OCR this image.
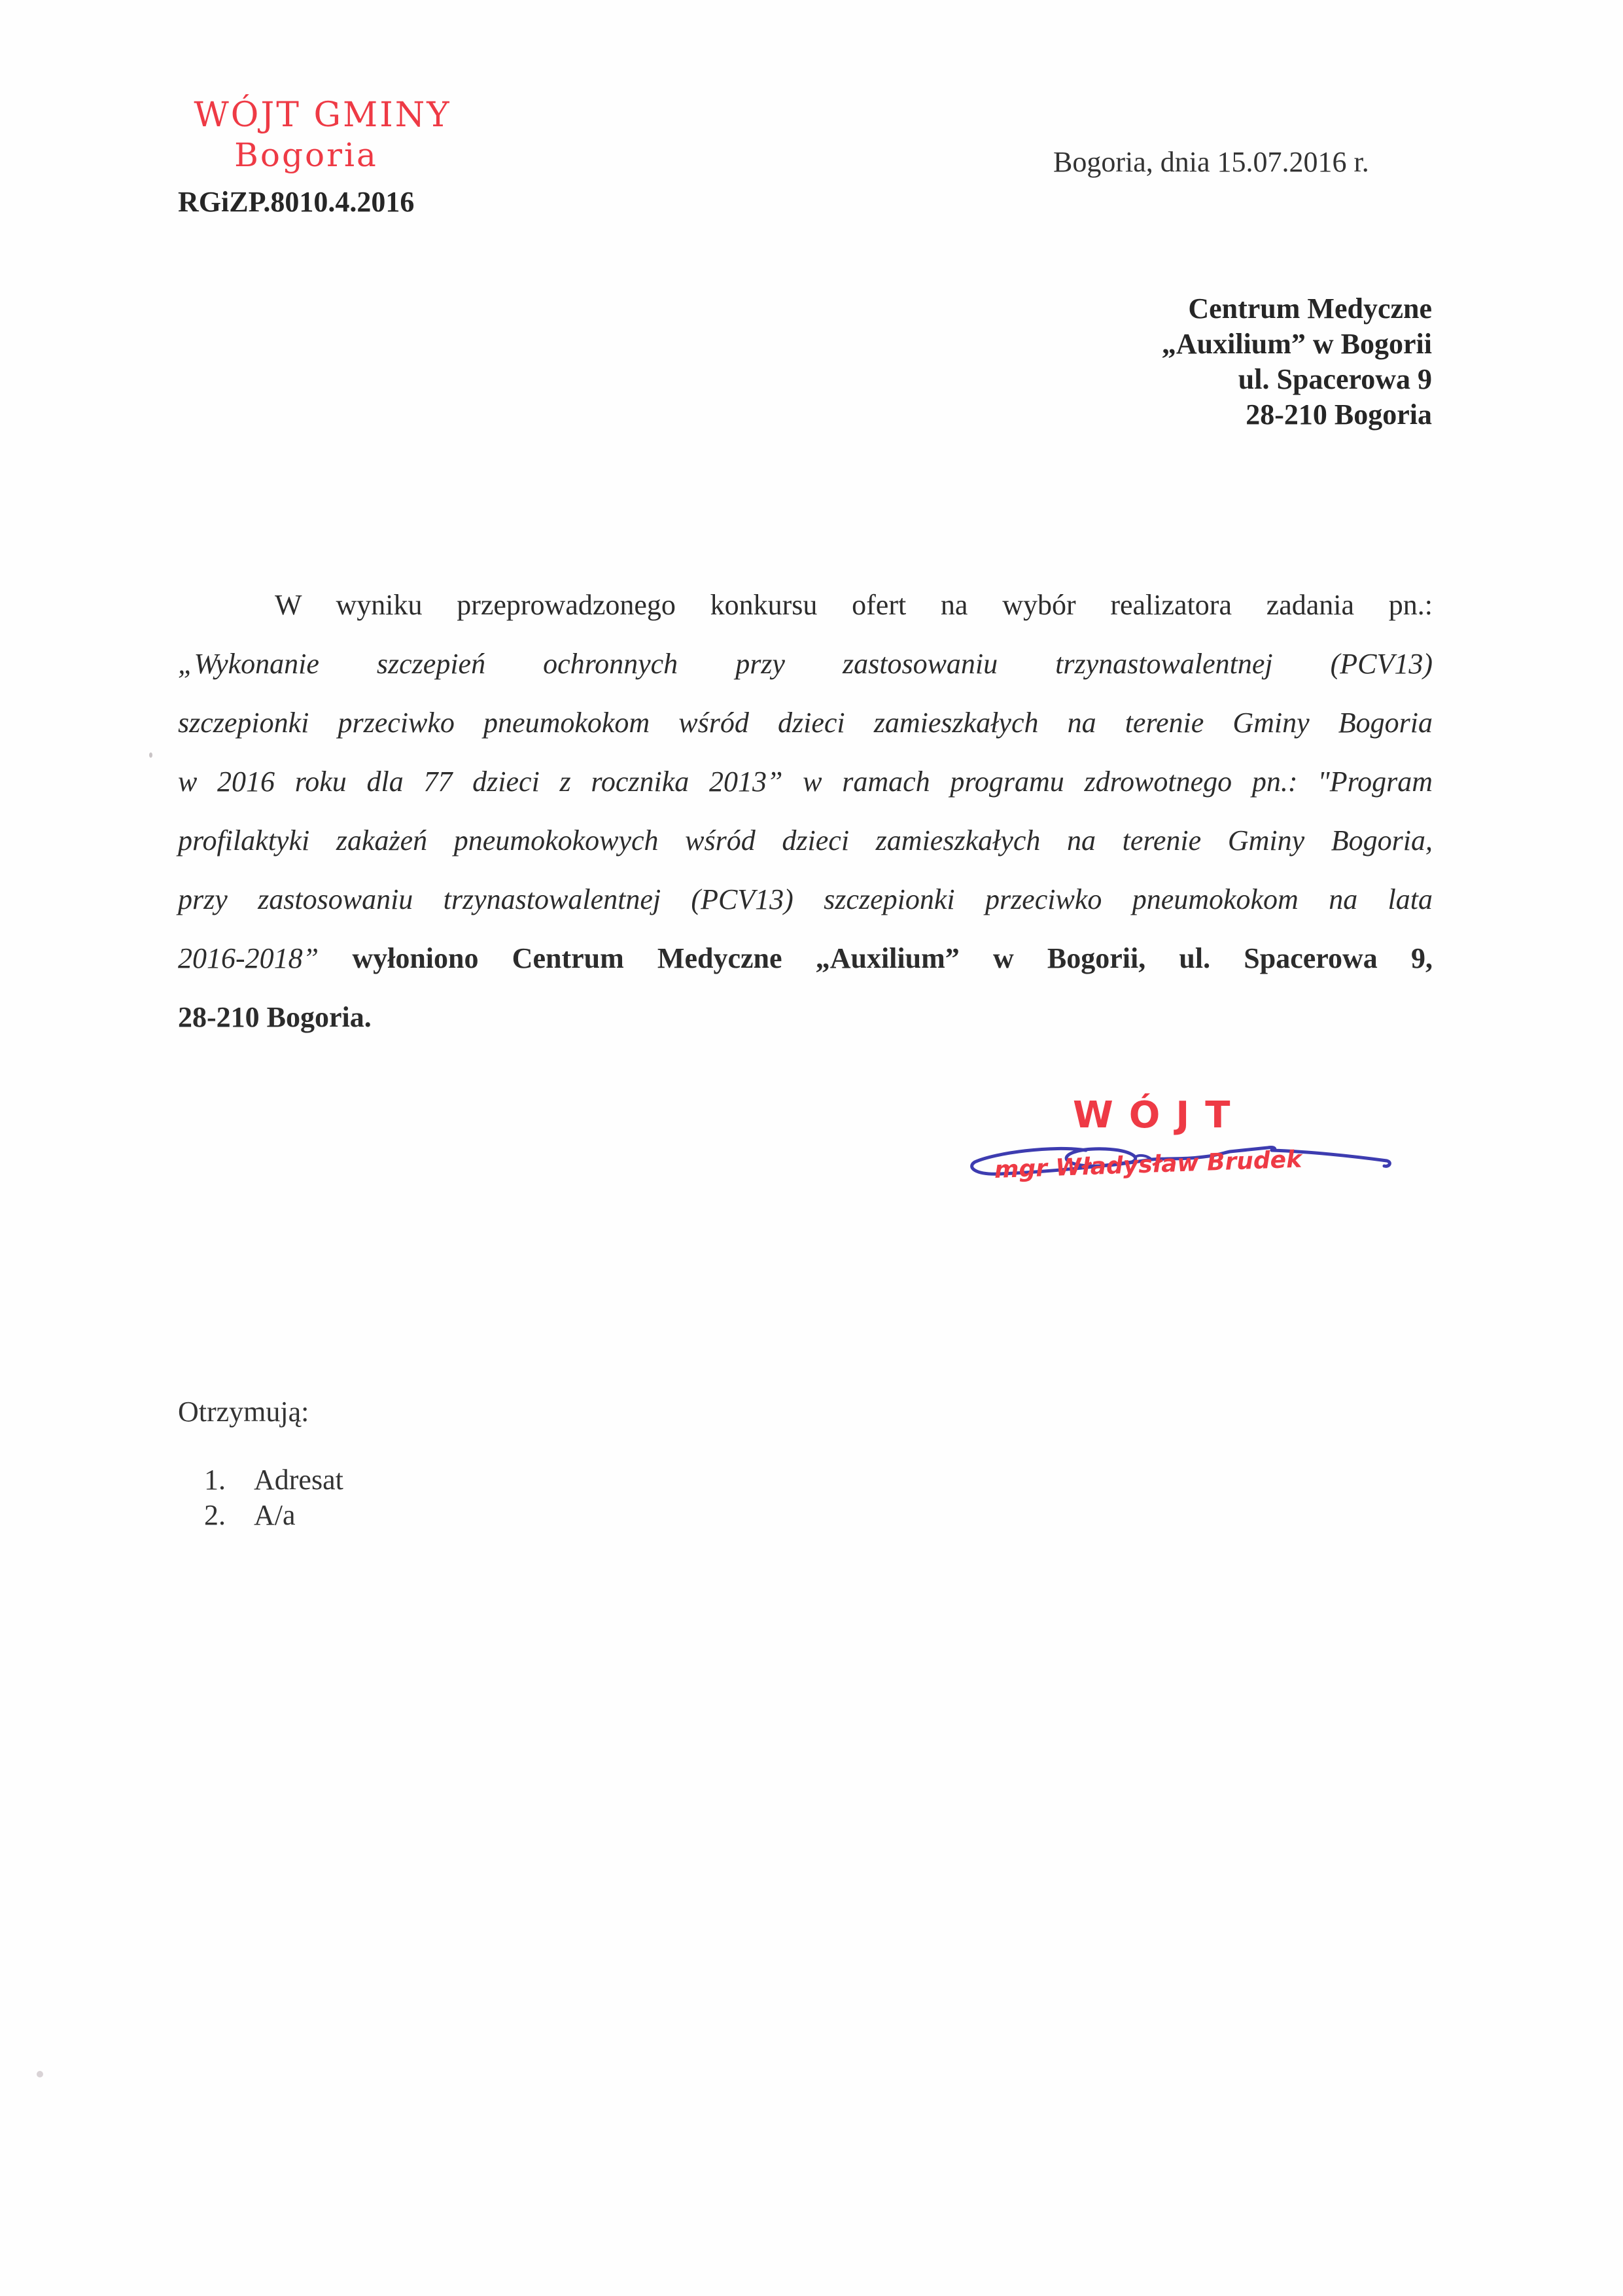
WÓJT GMINY
Bogoria
RGiZP.8010.4.2016
Bogoria, dnia 15.07.2016 r.
Centrum Medyczne
„Auxilium” w Bogorii
ul. Spacerowa 9
28-210 Bogoria
W wyniku przeprowadzonego konkursu ofert na wybór realizatora zadania pn.:
„Wykonanie szczepień ochronnych przy zastosowaniu trzynastowalentnej (PCV13)
szczepionki przeciwko pneumokokom wśród dzieci zamieszkałych na terenie Gminy Bogoria
w 2016 roku dla 77 dzieci z rocznika 2013” w ramach programu zdrowotnego pn.: "Program
profilaktyki zakażeń pneumokokowych wśród dzieci zamieszkałych na terenie Gminy Bogoria,
przy zastosowaniu trzynastowalentnej (PCV13) szczepionki przeciwko pneumokokom na lata
2016-2018” wyłoniono Centrum Medyczne „Auxilium” w Bogorii, ul. Spacerowa 9,
28-210 Bogoria.
WÓJT
mgr Władysław Brudek
Otrzymują:
1. Adresat
2. A/a
